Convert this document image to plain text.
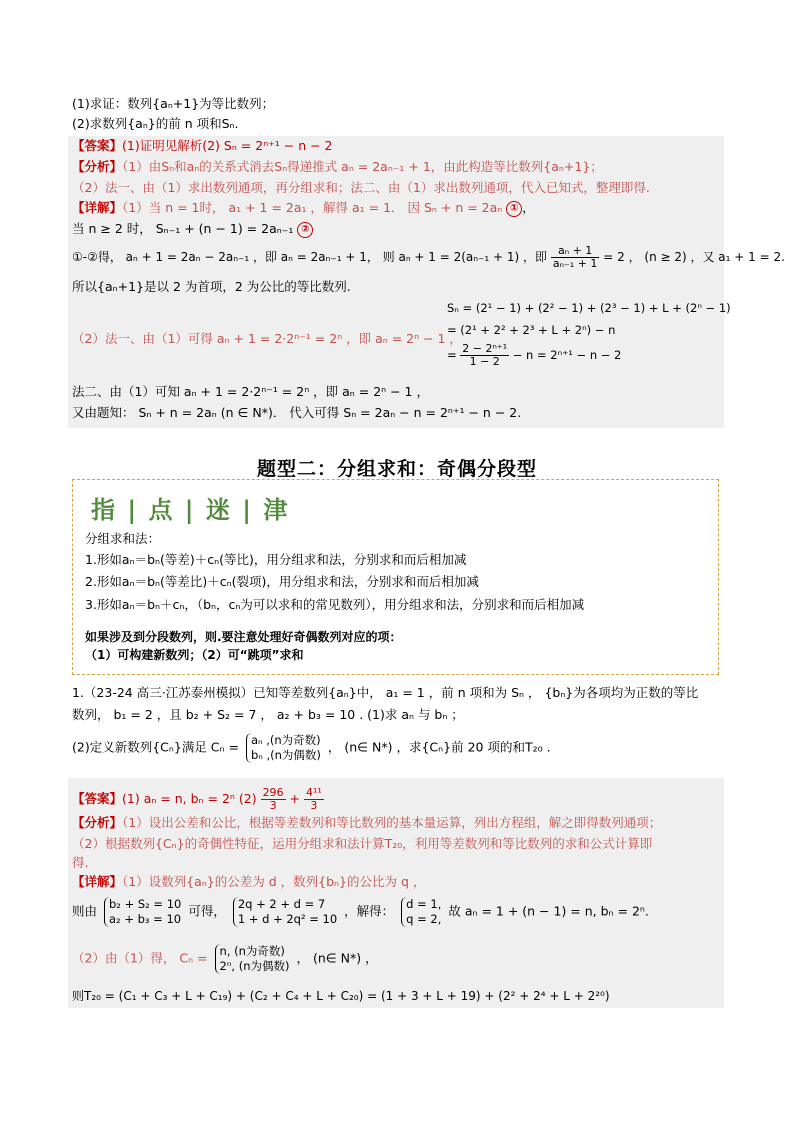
(1)求证：数列{aₙ+1}为等比数列；
(2)求数列{aₙ}的前 n 项和Sₙ.
【答案】(1)证明见解析(2) Sₙ = 2ⁿ⁺¹ − n − 2
【分析】（1）由Sₙ和aₙ的关系式消去Sₙ得递推式 aₙ = 2aₙ₋₁ + 1，由此构造等比数列{aₙ+1}；
（2）法一、由（1）求出数列通项，再分组求和；法二、由（1）求出数列通项，代入已知式，整理即得.
【详解】（1）当 n = 1时， a₁ + 1 = 2a₁ ，解得 a₁ = 1． 因 Sₙ + n = 2aₙ ① ，
当 n ≥ 2 时， Sₙ₋₁ + (n − 1) = 2aₙ₋₁ ②
①-②得， aₙ + 1 = 2aₙ − 2aₙ₋₁ ，即 aₙ = 2aₙ₋₁ + 1， 则 aₙ + 1 = 2(aₙ₋₁ + 1) ，即 $\frac{\text{aₙ + 1}}{\text{aₙ₋₁ + 1}} = 2$ ， (n ≥ 2) ，又 a₁ + 1 = 2.
所以{aₙ+1}是以 2 为首项，2 为公比的等比数列.
（2）法一、由（1）可得 aₙ + 1 = 2·2ⁿ⁻¹ = 2ⁿ ，即 aₙ = 2ⁿ − 1 ，
Sₙ = (2¹ − 1) + (2² − 1) + (2³ − 1) + L + (2ⁿ − 1)
= (2¹ + 2² + 2³ + L + 2ⁿ) − n
= $\frac{\text{2 − 2ⁿ⁺¹}}{1 - 2} - n = 2^{n+1} - n - 2$
法二、由（1）可知 aₙ + 1 = 2·2ⁿ⁻¹ = 2ⁿ ，即 aₙ = 2ⁿ − 1 ，
又由题知： Sₙ + n = 2aₙ (n ∈ N*)． 代入可得 Sₙ = 2aₙ − n = 2ⁿ⁺¹ − n − 2.
题型二：分组求和：奇偶分段型
指 | 点 | 迷 | 津
分组求和法：
1.形如aₙ＝bₙ(等差)＋cₙ(等比)，用分组求和法，分别求和而后相加减
2.形如aₙ＝bₙ(等差比)＋cₙ(裂项)，用分组求和法，分别求和而后相加减
3.形如aₙ＝bₙ＋cₙ，（bₙ，cₙ为可以求和的常见数列），用分组求和法，分别求和而后相加减
如果涉及到分段数列，则.要注意处理好奇偶数列对应的项：
（1）可构建新数列；（2）可“跳项”求和
1.（23-24 高三·江苏泰州模拟）已知等差数列{aₙ}中， a₁ = 1 ，前 n 项和为 Sₙ ， {bₙ}为各项均为正数的等比
数列， b₁ = 2 ，且 b₂ + S₂ = 7 ， a₂ + b₃ = 10 . (1)求 aₙ 与 bₙ ；
(2)定义新数列{Cₙ}满足 Cₙ = aₙ ,(n为奇数)
bₙ ,(n为偶数)
， (n∈ N*) ，求{Cₙ}前 20 项的和T₂₀ .
【答案】(1) aₙ = n, bₙ = 2ⁿ $(2) \frac{296}{3} + \frac{\text{4¹¹}}{3}$
【分析】（1）设出公差和公比，根据等差数列和等比数列的基本量运算，列出方程组，解之即得数列通项；
（2）根据数列{Cₙ}的奇偶性特征，运用分组求和法计算T₂₀，利用等差数列和等比数列的求和公式计算即
得.
【详解】（1）设数列{aₙ}的公差为 d ，数列{bₙ}的公比为 q ，
则由 b₂ + S₂ = 10
a₂ + b₃ = 10
可得， 2q + 2 + d = 7
1 + d + 2q² = 10
，解得： d = 1,
q = 2,
故 aₙ = 1 + (n − 1) = n, bₙ = 2ⁿ.
（2）由（1）得， Cₙ = n, (n为奇数)
2ⁿ, (n为偶数)
， (n∈ N*) ，
则T₂₀ = (C₁ + C₃ + L + C₁₉) + (C₂ + C₄ + L + C₂₀) = (1 + 3 + L + 19) + (2² + 2⁴ + L + 2²⁰)
